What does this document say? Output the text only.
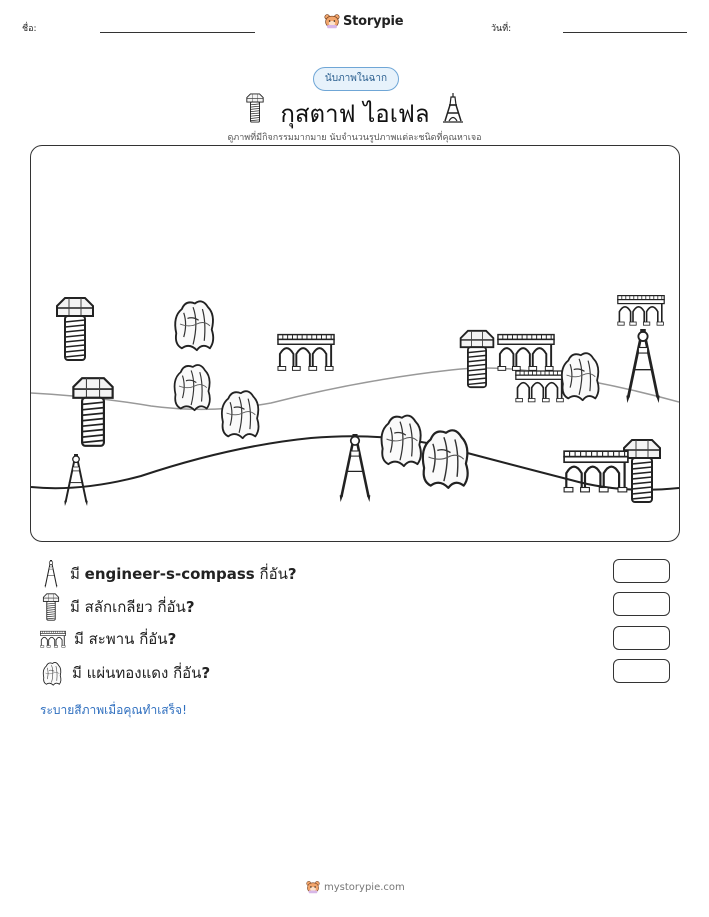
ชื่อ:
Storypie
วันที่:
นับภาพในฉาก
กุสตาฟ ไอเฟล
ดูภาพที่มีกิจกรรมมากมาย นับจำนวนรูปภาพแต่ละชนิดที่คุณหาเจอ
มี engineer-s-compass กี่อัน?
มี สลักเกลียว กี่อัน?
มี สะพาน กี่อัน?
มี แผ่นทองแดง กี่อัน?
ระบายสีภาพเมื่อคุณทำเสร็จ!
mystorypie.com
